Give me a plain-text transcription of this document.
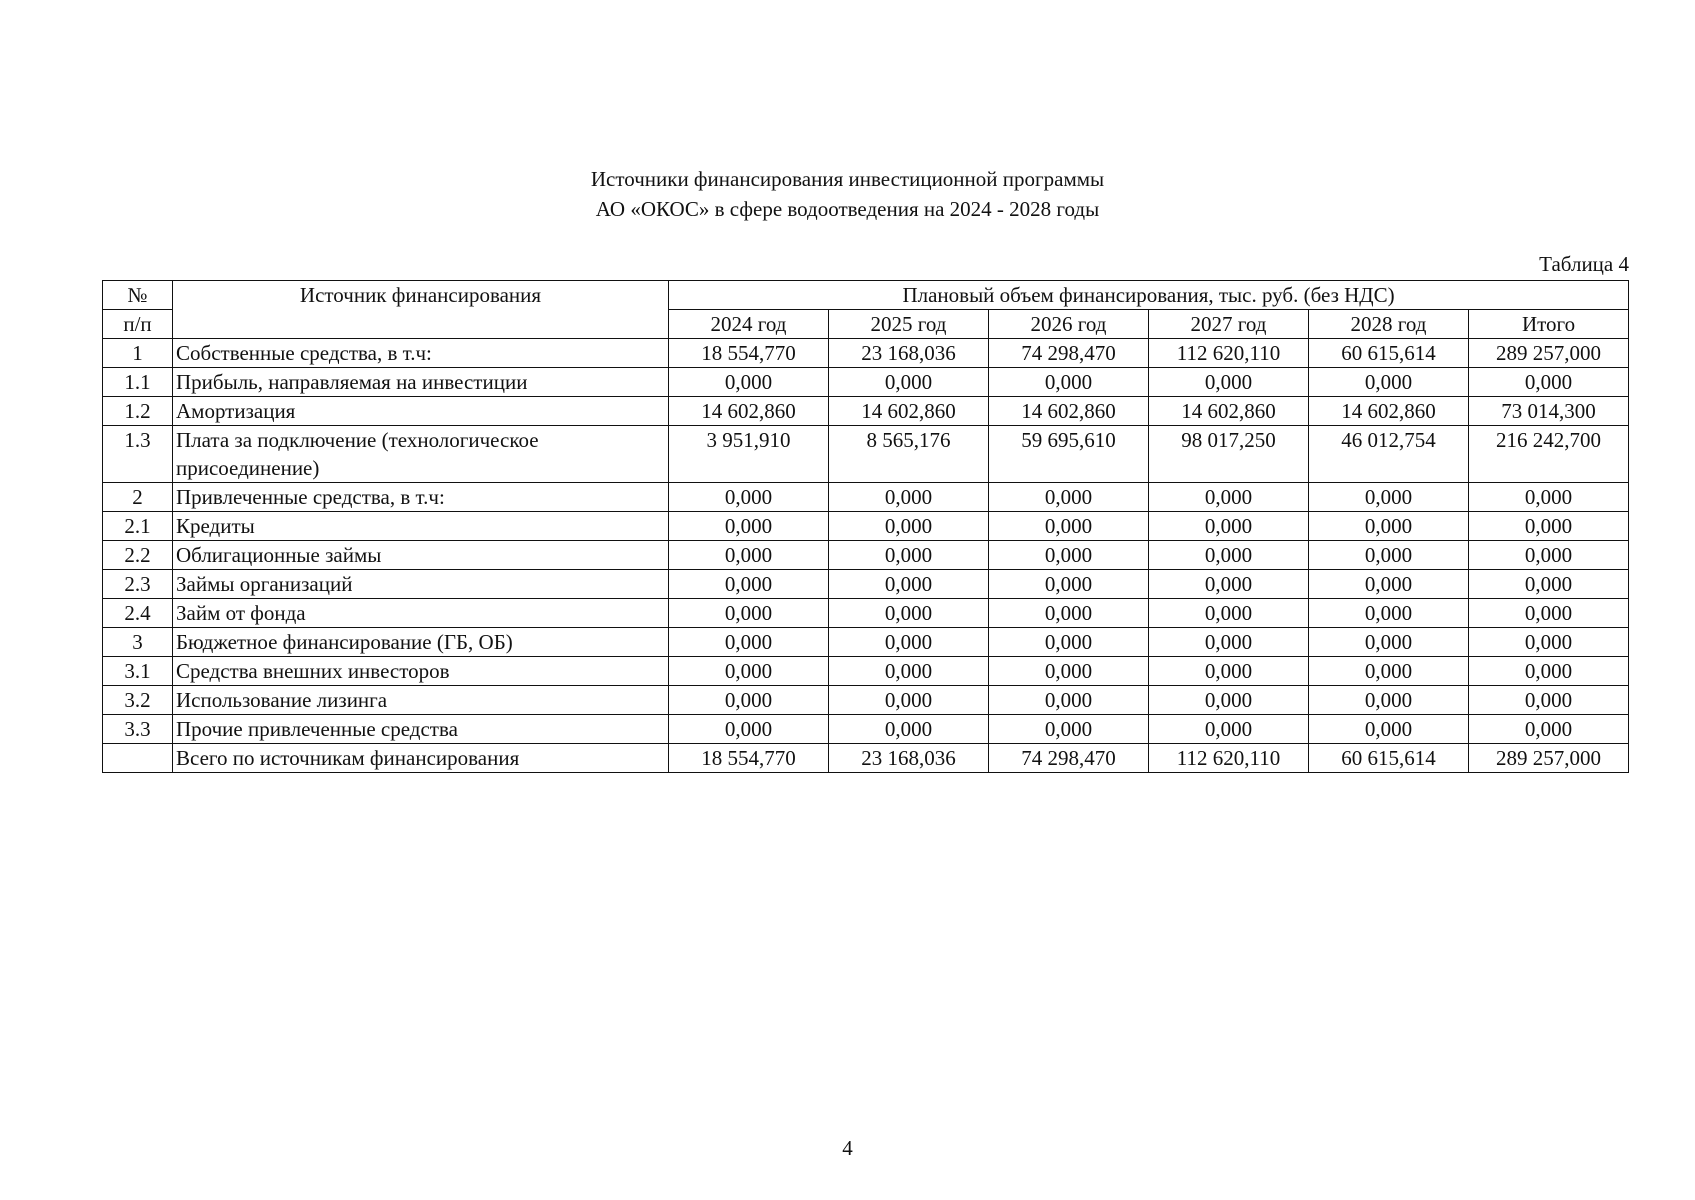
Источники финансирования инвестиционной программы
АО «ОКОС» в сфере водоотведения на 2024 - 2028 годы
Таблица 4
№	Источник финансирования	Плановый объем финансирования, тыс. руб. (без НДС)					
п/п		2024 год	2025 год	2026 год	2027 год	2028 год	Итого
1	Собственные средства, в т.ч:	18 554,770	23 168,036	74 298,470	112 620,110	60 615,614	289 257,000
1.1	Прибыль, направляемая на инвестиции	0,000	0,000	0,000	0,000	0,000	0,000
1.2	Амортизация	14 602,860	14 602,860	14 602,860	14 602,860	14 602,860	73 014,300
1.3	Плата за подключение (технологическое присоединение)	3 951,910	8 565,176	59 695,610	98 017,250	46 012,754	216 242,700
2	Привлеченные средства, в т.ч:	0,000	0,000	0,000	0,000	0,000	0,000
2.1	Кредиты	0,000	0,000	0,000	0,000	0,000	0,000
2.2	Облигационные займы	0,000	0,000	0,000	0,000	0,000	0,000
2.3	Займы организаций	0,000	0,000	0,000	0,000	0,000	0,000
2.4	Займ от фонда	0,000	0,000	0,000	0,000	0,000	0,000
3	Бюджетное финансирование (ГБ, ОБ)	0,000	0,000	0,000	0,000	0,000	0,000
3.1	Средства внешних инвесторов	0,000	0,000	0,000	0,000	0,000	0,000
3.2	Использование лизинга	0,000	0,000	0,000	0,000	0,000	0,000
3.3	Прочие привлеченные средства	0,000	0,000	0,000	0,000	0,000	0,000
	Всего по источникам финансирования	18 554,770	23 168,036	74 298,470	112 620,110	60 615,614	289 257,000
4
